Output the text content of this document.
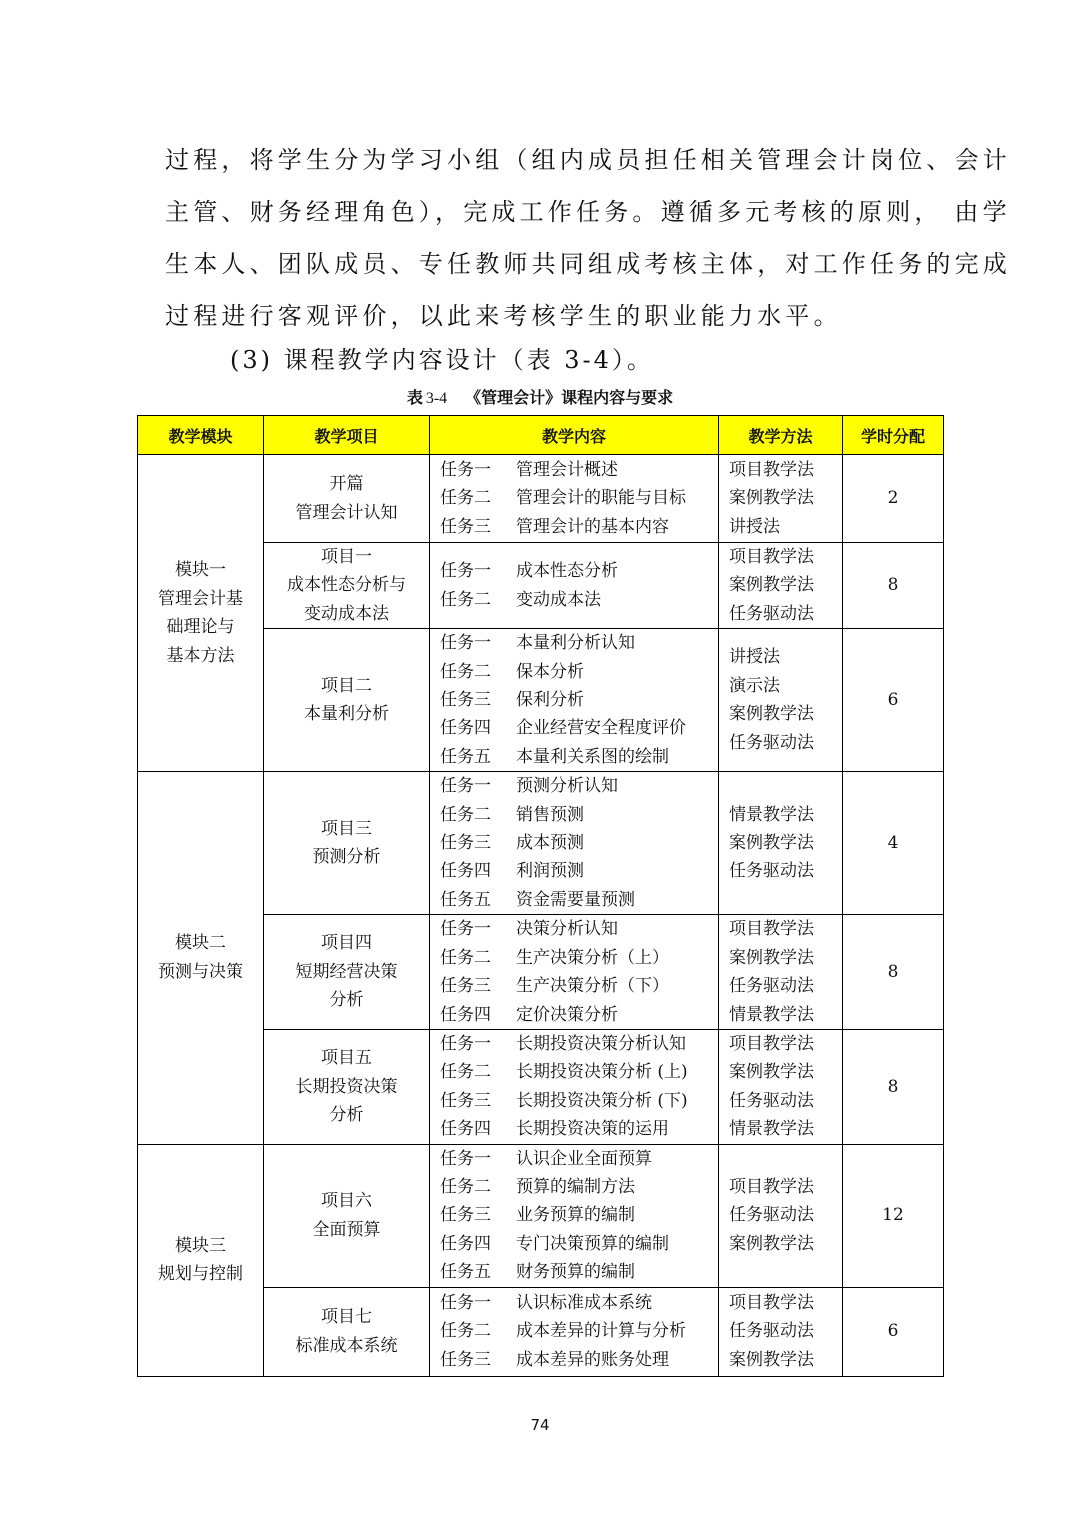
过程，将学生分为学习小组（组内成员担任相关管理会计岗位、会计
主管、财务经理角色），完成工作任务。遵循多元考核的原则， 由学
生本人、团队成员、专任教师共同组成考核主体，对工作任务的完成
过程进行客观评价，以此来考核学生的职业能力水平。
(3) 课程教学内容设计（表 3-4）。
表 3-4 《管理会计》课程内容与要求
教学模块	教学项目	教学内容	教学方法	学时分配

模块一
管理会计基
础理论与
基本方法	开篇
管理会计认知	任务一 管理会计概述
任务二 管理会计的职能与目标
任务三 管理会计的基本内容	项目教学法
案例教学法
讲授法	2

	项目一
成本性态分析与
变动成本法	任务一 成本性态分析
任务二 变动成本法	项目教学法
案例教学法
任务驱动法	8

	项目二
本量利分析	任务一 本量利分析认知
任务二 保本分析
任务三 保利分析
任务四 企业经营安全程度评价
任务五 本量利关系图的绘制	讲授法
演示法
案例教学法
任务驱动法	6

模块二
预测与决策	项目三
预测分析	任务一 预测分析认知
任务二 销售预测
任务三 成本预测
任务四 利润预测
任务五 资金需要量预测	情景教学法
案例教学法
任务驱动法	4

	项目四
短期经营决策
分析	任务一 决策分析认知
任务二 生产决策分析（上）
任务三 生产决策分析（下）
任务四 定价决策分析	项目教学法
案例教学法
任务驱动法
情景教学法	8

	项目五
长期投资决策
分析	任务一 长期投资决策分析认知
任务二 长期投资决策分析 (上)
任务三 长期投资决策分析 (下)
任务四 长期投资决策的运用	项目教学法
案例教学法
任务驱动法
情景教学法	8

模块三
规划与控制	项目六
全面预算	任务一 认识企业全面预算
任务二 预算的编制方法
任务三 业务预算的编制
任务四 专门决策预算的编制
任务五 财务预算的编制	项目教学法
任务驱动法
案例教学法	12

	项目七
标准成本系统	任务一 认识标准成本系统
任务二 成本差异的计算与分析
任务三 成本差异的账务处理	项目教学法
任务驱动法
案例教学法	6
74
